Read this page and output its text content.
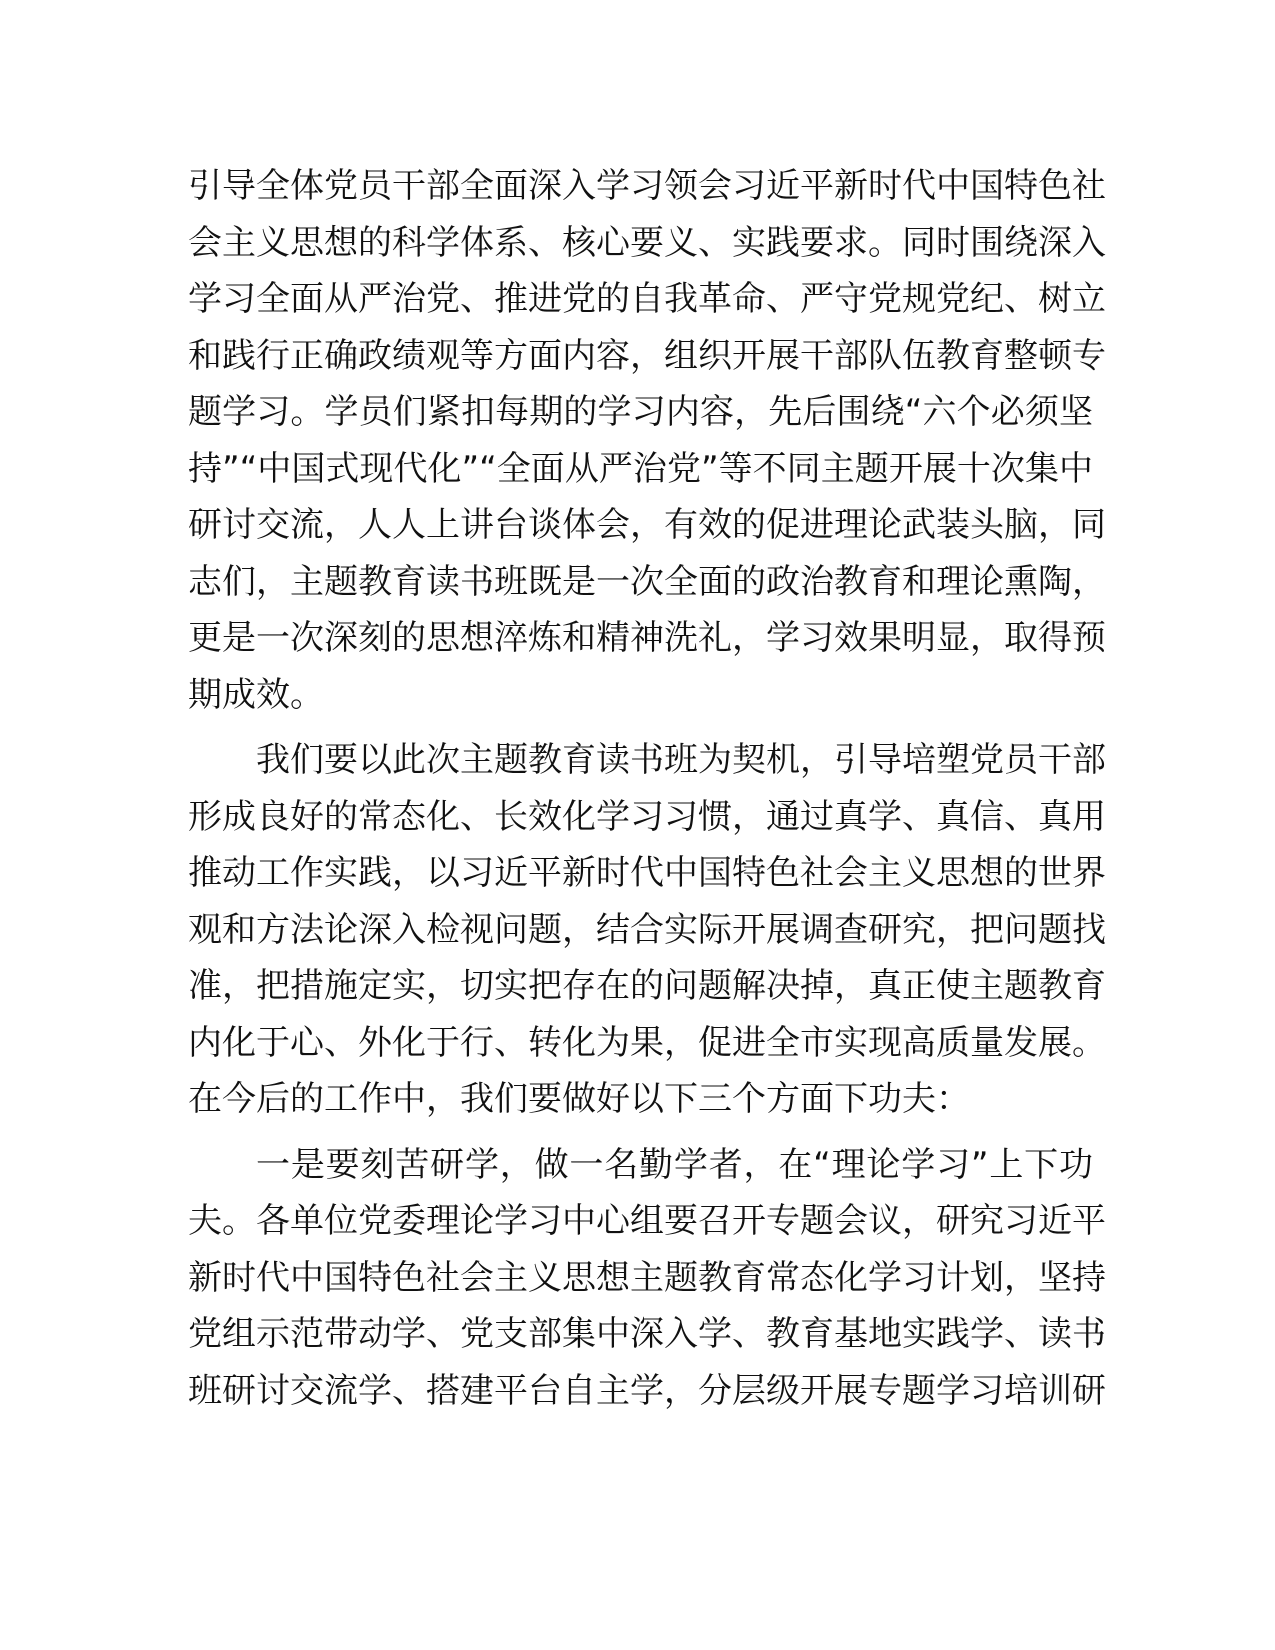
引导全体党员干部全面深入学习领会习近平新时代中国特色社
会主义思想的科学体系、核心要义、实践要求。同时围绕深入
学习全面从严治党、推进党的自我革命、严守党规党纪、树立
和践行正确政绩观等方面内容，组织开展干部队伍教育整顿专
题学习。学员们紧扣每期的学习内容，先后围绕“六个必须坚
持”“中国式现代化”“全面从严治党”等不同主题开展十次集中
研讨交流，人人上讲台谈体会，有效的促进理论武装头脑，同
志们，主题教育读书班既是一次全面的政治教育和理论熏陶，
更是一次深刻的思想淬炼和精神洗礼，学习效果明显，取得预
期成效。
我们要以此次主题教育读书班为契机，引导培塑党员干部
形成良好的常态化、长效化学习习惯，通过真学、真信、真用
推动工作实践，以习近平新时代中国特色社会主义思想的世界
观和方法论深入检视问题，结合实际开展调查研究，把问题找
准，把措施定实，切实把存在的问题解决掉，真正使主题教育
内化于心、外化于行、转化为果，促进全市实现高质量发展。
在今后的工作中，我们要做好以下三个方面下功夫：
一是要刻苦研学，做一名勤学者，在“理论学习”上下功
夫。各单位党委理论学习中心组要召开专题会议，研究习近平
新时代中国特色社会主义思想主题教育常态化学习计划，坚持
党组示范带动学、党支部集中深入学、教育基地实践学、读书
班研讨交流学、搭建平台自主学，分层级开展专题学习培训研
